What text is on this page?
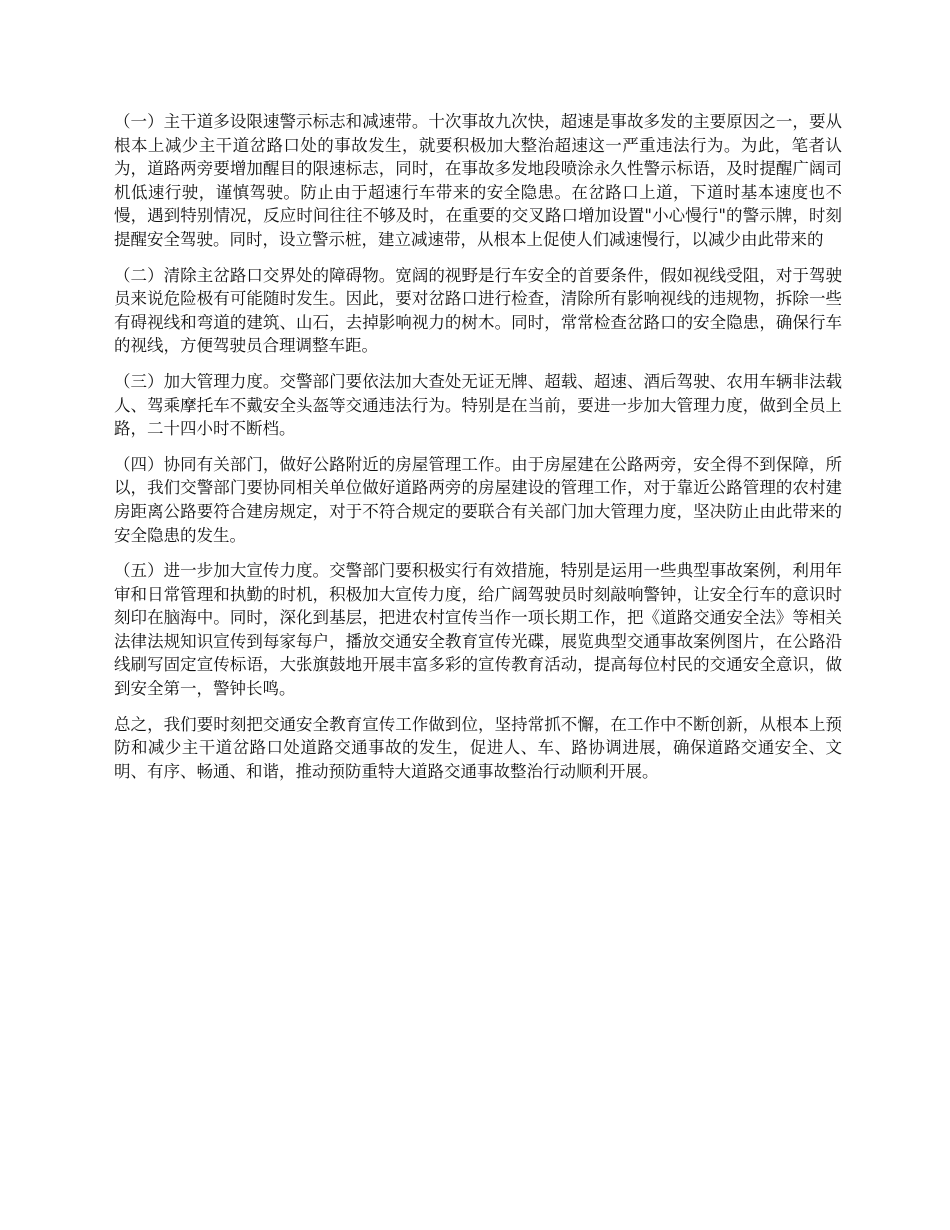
（一）主干道多设限速警示标志和减速带。十次事故九次快，超速是事故多发的主要原因之一，要从根本上减少主干道岔路口处的事故发生，就要积极加大整治超速这一严重违法行为。为此，笔者认为，道路两旁要增加醒目的限速标志，同时，在事故多发地段喷涂永久性警示标语，及时提醒广阔司机低速行驶，谨慎驾驶。防止由于超速行车带来的安全隐患。在岔路口上道，下道时基本速度也不慢，遇到特别情况，反应时间往往不够及时，在重要的交叉路口增加设置"小心慢行"的警示牌，时刻提醒安全驾驶。同时，设立警示桩，建立减速带，从根本上促使人们减速慢行，以减少由此带来的

（二）清除主岔路口交界处的障碍物。宽阔的视野是行车安全的首要条件，假如视线受阻，对于驾驶员来说危险极有可能随时发生。因此，要对岔路口进行检查，清除所有影响视线的违规物，拆除一些有碍视线和弯道的建筑、山石，去掉影响视力的树木。同时，常常检查岔路口的安全隐患，确保行车的视线，方便驾驶员合理调整车距。

（三）加大管理力度。交警部门要依法加大查处无证无牌、超载、超速、酒后驾驶、农用车辆非法载人、驾乘摩托车不戴安全头盔等交通违法行为。特别是在当前，要进一步加大管理力度，做到全员上路，二十四小时不断档。

（四）协同有关部门，做好公路附近的房屋管理工作。由于房屋建在公路两旁，安全得不到保障，所以，我们交警部门要协同相关单位做好道路两旁的房屋建设的管理工作，对于靠近公路管理的农村建房距离公路要符合建房规定，对于不符合规定的要联合有关部门加大管理力度，坚决防止由此带来的安全隐患的发生。

（五）进一步加大宣传力度。交警部门要积极实行有效措施，特别是运用一些典型事故案例，利用年审和日常管理和执勤的时机，积极加大宣传力度，给广阔驾驶员时刻敲响警钟，让安全行车的意识时刻印在脑海中。同时，深化到基层，把进农村宣传当作一项长期工作，把《道路交通安全法》等相关法律法规知识宣传到每家每户，播放交通安全教育宣传光碟，展览典型交通事故案例图片，在公路沿线刷写固定宣传标语，大张旗鼓地开展丰富多彩的宣传教育活动，提高每位村民的交通安全意识，做到安全第一，警钟长鸣。

总之，我们要时刻把交通安全教育宣传工作做到位，坚持常抓不懈，在工作中不断创新，从根本上预防和减少主干道岔路口处道路交通事故的发生，促进人、车、路协调进展，确保道路交通安全、文明、有序、畅通、和谐，推动预防重特大道路交通事故整治行动顺利开展。
